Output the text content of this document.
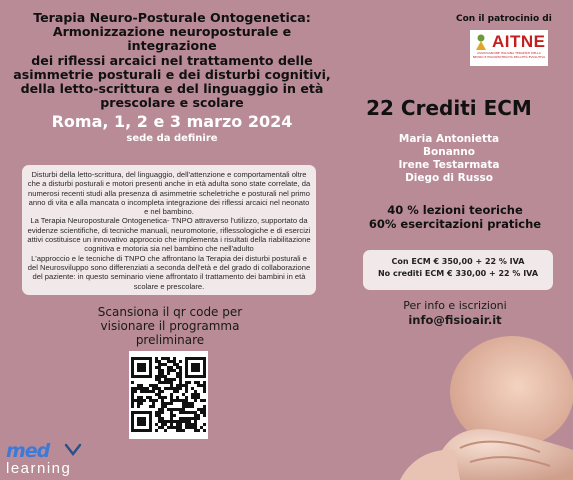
Terapia Neuro-Posturale Ontogenetica:
Armonizzazione neuroposturale e integrazione
dei riflessi arcaici nel trattamento delle
asimmetrie posturali e dei disturbi cognitivi,
della letto-scrittura e del linguaggio in età
prescolare e scolare
Roma, 1, 2 e 3 marzo 2024
sede da definire

Disturbi della letto-scrittura, del linguaggio, dell'attenzione e comportamentali oltre che a disturbi posturali e motori presenti anche in età adulta sono state correlate, da numerosi recenti studi alla presenza di asimmetrie scheletriche e posturali nel primo anno di vita e alla mancata o incompleta integrazione dei riflessi arcaici nel neonato e nel bambino.

La Terapia Neuroposturale Ontogenetica- TNPO attraverso l'utilizzo, supportato da evidenze scientifiche, di tecniche manuali, neuromotorie, riflessologiche e di esercizi attivi costituisce un innovativo approccio che implementa i risultati della riabilitazione cognitiva e motoria sia nel bambino che nell'adulto

L'approccio e le tecniche di TNPO che affrontano la Terapia dei disturbi posturali e del Neurosviluppo sono differenziati a seconda dell'età e del grado di collaborazione del paziente: in questo seminario viene affrontato il trattamento dei bambini in età scolare e prescolare.

Scansiona il qr code per
visionare il programma
preliminare
med
learning
Con il patrocinio di
AITNE
ASSOCIAZIONE ITALIANA TERAPISTI DELLA NEURO E PSICOMOTRICITÀ DELL'ETÀ EVOLUTIVA
22 Crediti ECM
Maria Antonietta Bonanno
Irene Testarmata
Diego di Russo
40 % lezioni teoriche
60% esercitazioni pratiche

Con ECM € 350,00 + 22 % IVA

No crediti ECM € 330,00 + 22 % IVA

Per info e iscrizioni
info@fisioair.it
